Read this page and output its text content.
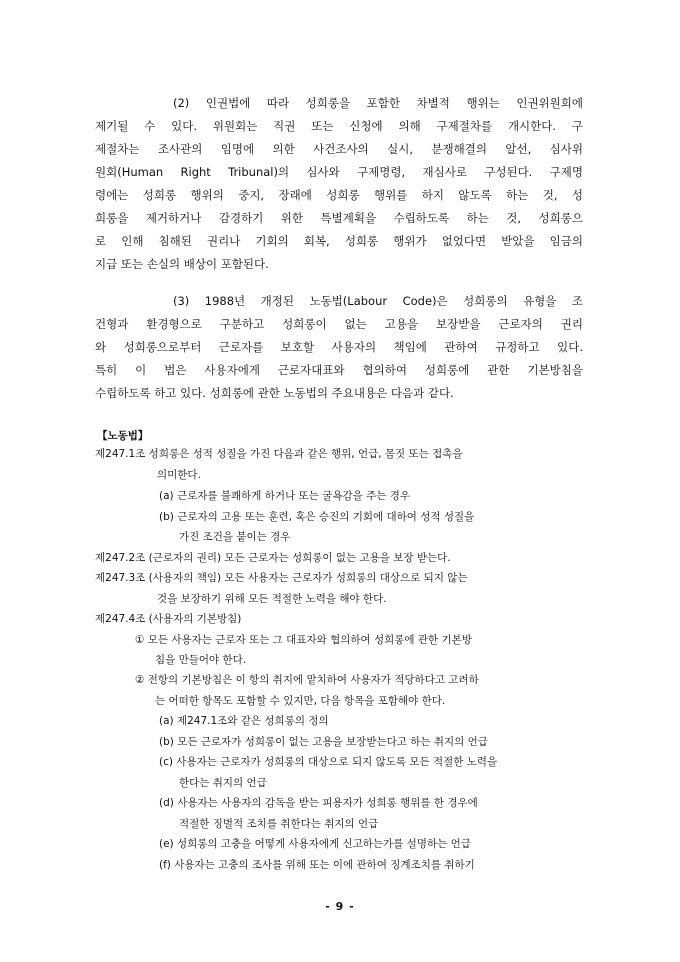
(2) 인권법에 따라 성희롱을 포함한 차별적 행위는 인권위원회에
제기될 수 있다. 위원회는 직권 또는 신청에 의해 구제절차를 개시한다. 구
제절차는 조사관의 임명에 의한 사건조사의 실시, 분쟁해결의 알선, 심사위
원회(Human Right Tribunal)의 심사와 구제명령, 재심사로 구성된다. 구제명
령에는 성희롱 행위의 중지, 장래에 성희롱 행위를 하지 않도록 하는 것, 성
희롱을 제거하거나 감경하기 위한 특별계획을 수립하도록 하는 것, 성희롱으
로 인해 침해된 권리나 기회의 회복, 성희롱 행위가 없었다면 받았을 임금의
지급 또는 손실의 배상이 포함된다.
(3) 1988년 개정된 노동법(Labour Code)은 성희롱의 유형을 조
건형과 환경형으로 구분하고 성희롱이 없는 고용을 보장받을 근로자의 권리
와 성희롱으로부터 근로자를 보호할 사용자의 책임에 관하여 규정하고 있다.
특히 이 법은 사용자에게 근로자대표와 협의하여 성희롱에 관한 기본방침을
수립하도록 하고 있다. 성희롱에 관한 노동법의 주요내용은 다음과 같다.
【노동법】
제247.1조 성희롱은 성적 성질을 가진 다음과 같은 행위, 언급, 몸짓 또는 접촉을
의미한다.
(a) 근로자를 불쾌하게 하거나 또는 굴욕감을 주는 경우
(b) 근로자의 고용 또는 훈련, 혹은 승진의 기회에 대하여 성적 성질을
가진 조건을 붙이는 경우
제247.2조 (근로자의 권리) 모든 근로자는 성희롱이 없는 고용을 보장 받는다.
제247.3조 (사용자의 책임) 모든 사용자는 근로자가 성희롱의 대상으로 되지 않는
것을 보장하기 위해 모든 적절한 노력을 해야 한다.
제247.4조 (사용자의 기본방침)
① 모든 사용자는 근로자 또는 그 대표자와 협의하여 성희롱에 관한 기본방
침을 만들어야 한다.
② 전항의 기본방침은 이 항의 취지에 맡치하여 사용자가 적당하다고 고려하
는 어떠한 항목도 포함할 수 있지만, 다음 항목을 포함해야 한다.
(a) 제247.1조와 같은 성희롱의 정의
(b) 모든 근로자가 성희롱이 없는 고용을 보장받는다고 하는 취지의 언급
(c) 사용자는 근로자가 성희롱의 대상으로 되지 않도록 모든 적절한 노력을
한다는 취지의 언급
(d) 사용자는 사용자의 감독을 받는 피용자가 성희롱 행위를 한 경우에
적절한 징벌적 조치를 취한다는 취지의 언급
(e) 성희롱의 고충을 어떻게 사용자에게 신고하는가를 설명하는 언급
(f) 사용자는 고충의 조사를 위해 또는 이에 관하여 징계조치를 취하기
- 9 -
